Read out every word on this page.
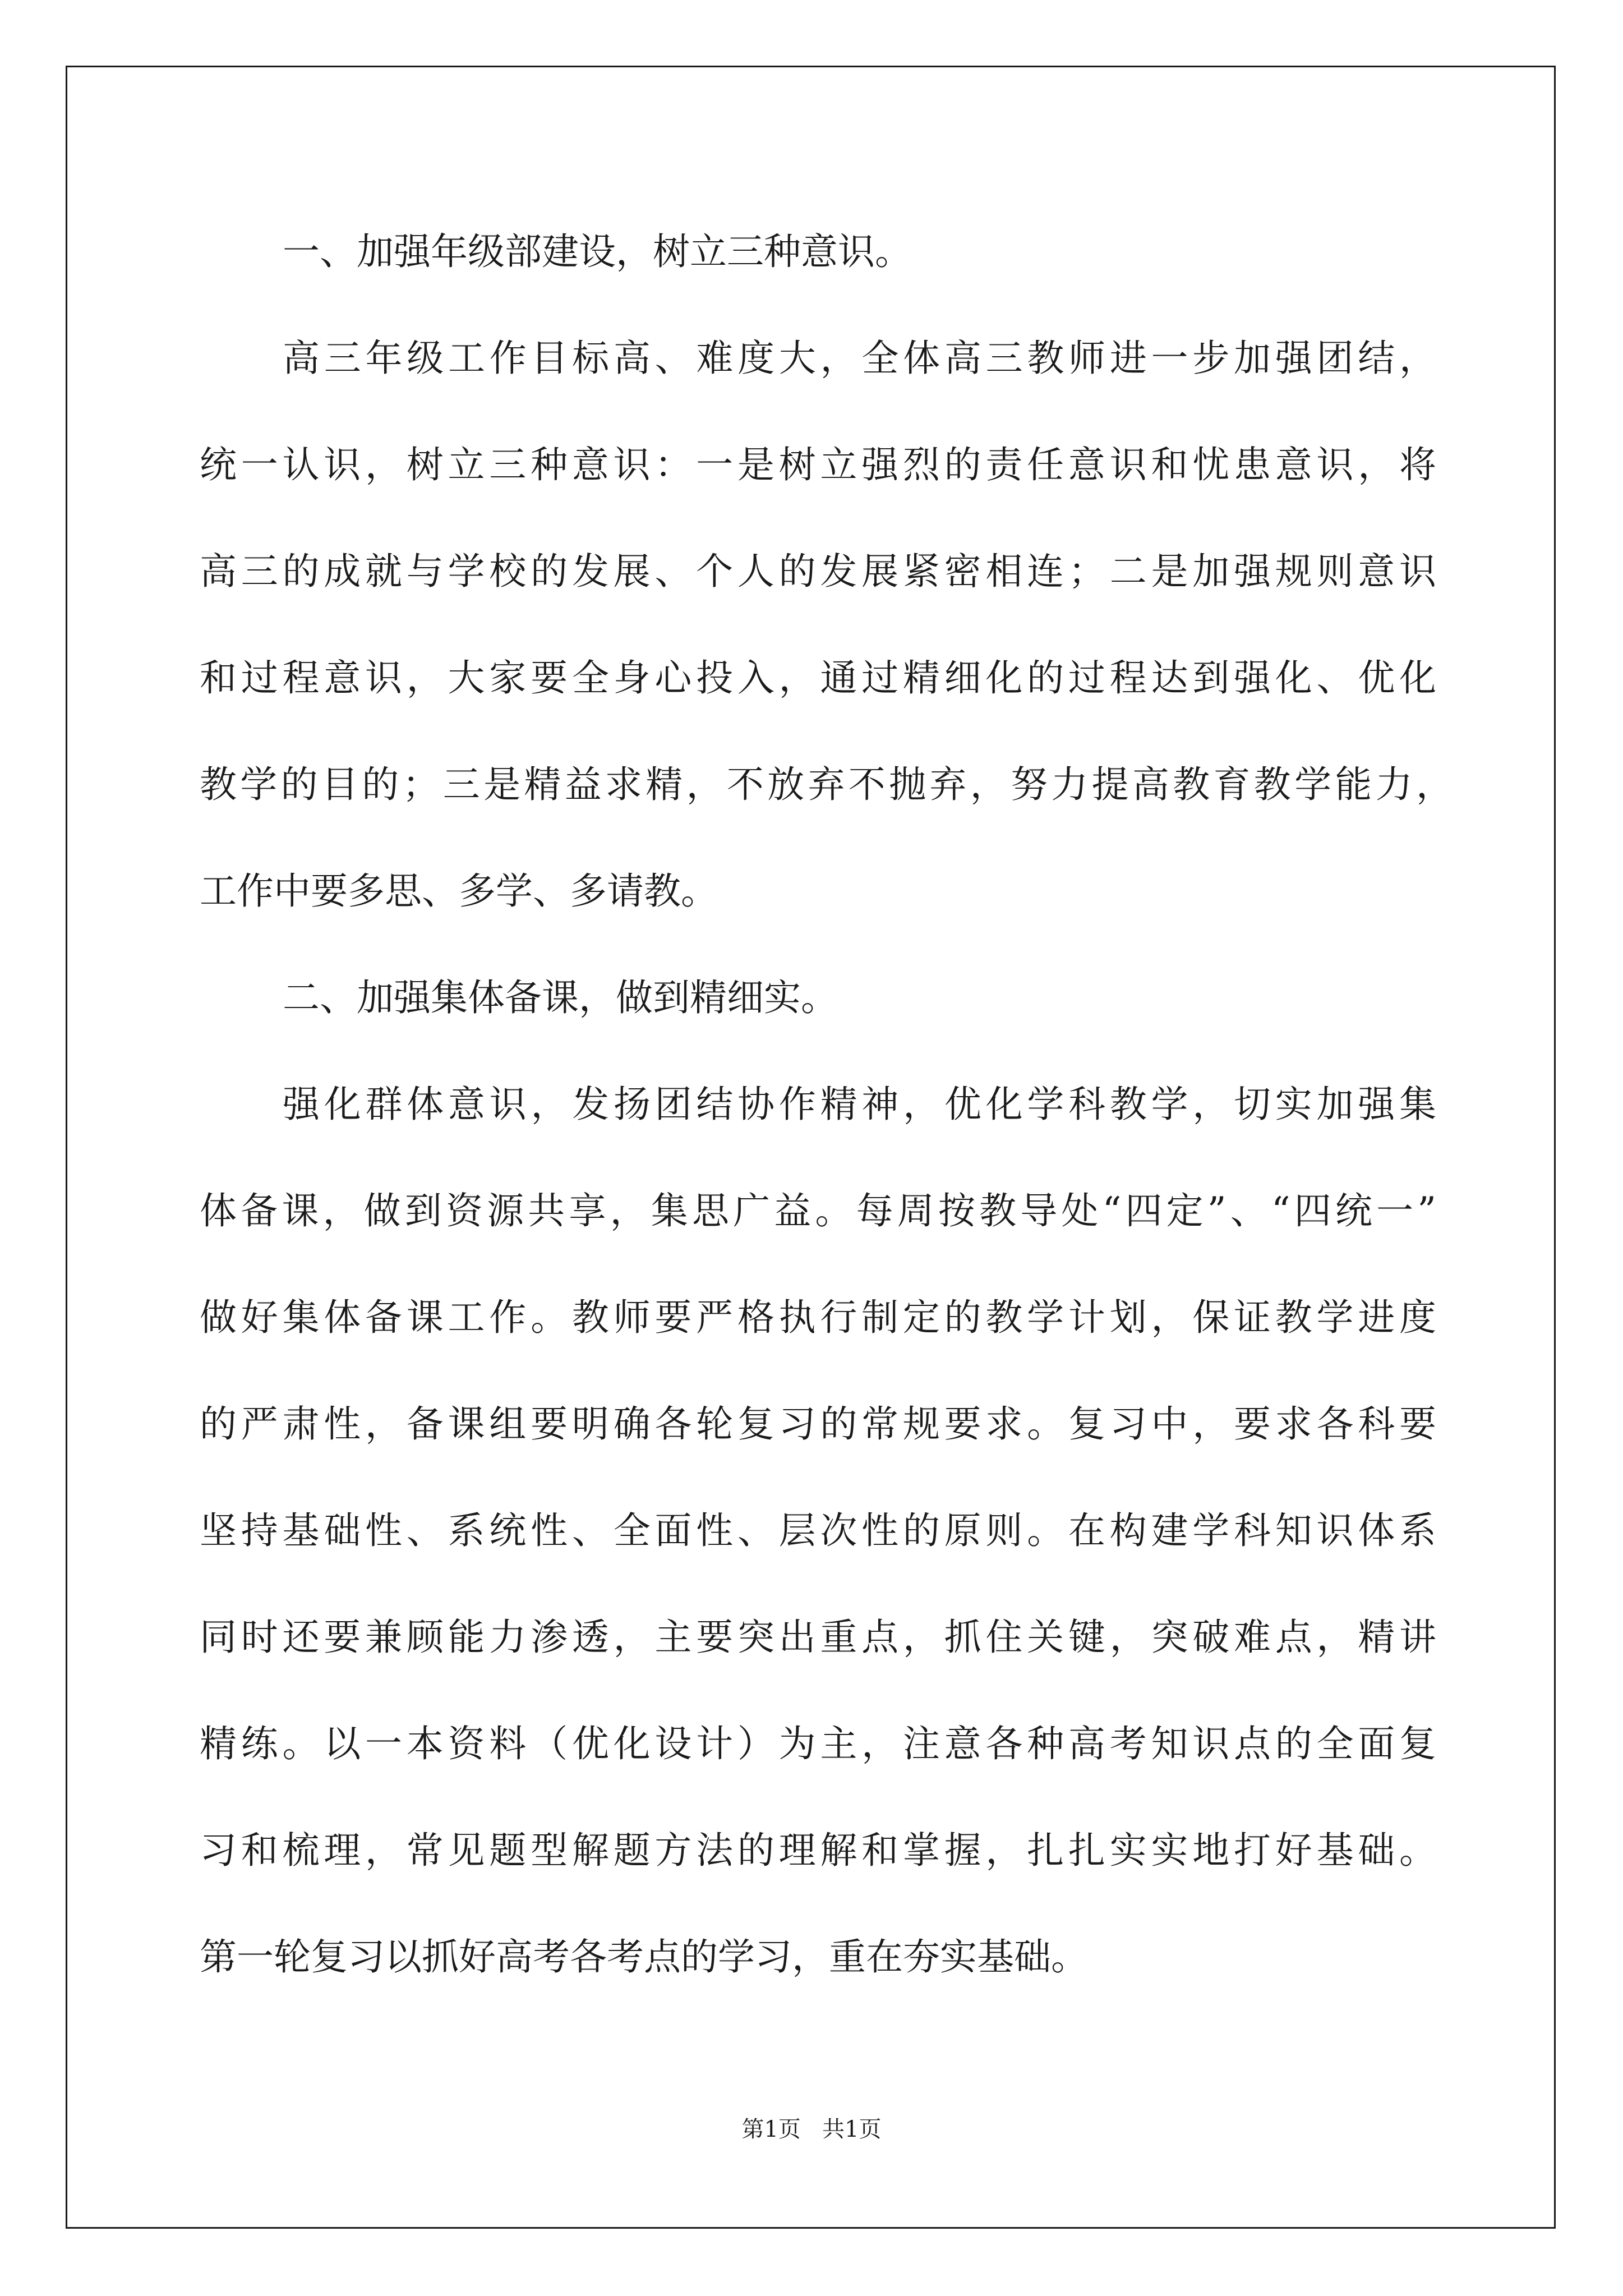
一、加强年级部建设，树立三种意识。
高三年级工作目标高、难度大，全体高三教师进一步加强团结，
统一认识，树立三种意识：一是树立强烈的责任意识和忧患意识，将
高三的成就与学校的发展、个人的发展紧密相连；二是加强规则意识
和过程意识，大家要全身心投入，通过精细化的过程达到强化、优化
教学的目的；三是精益求精，不放弃不抛弃，努力提高教育教学能力，
工作中要多思、多学、多请教。
二、加强集体备课，做到精细实。
强化群体意识，发扬团结协作精神，优化学科教学，切实加强集
体备课，做到资源共享，集思广益。每周按教导处“四定”、“四统一”
做好集体备课工作。教师要严格执行制定的教学计划，保证教学进度
的严肃性，备课组要明确各轮复习的常规要求。复习中，要求各科要
坚持基础性、系统性、全面性、层次性的原则。在构建学科知识体系
同时还要兼顾能力渗透，主要突出重点，抓住关键，突破难点，精讲
精练。以一本资料（优化设计）为主，注意各种高考知识点的全面复
习和梳理，常见题型解题方法的理解和掌握，扎扎实实地打好基础。
第一轮复习以抓好高考各考点的学习，重在夯实基础。
第1页   共1页
